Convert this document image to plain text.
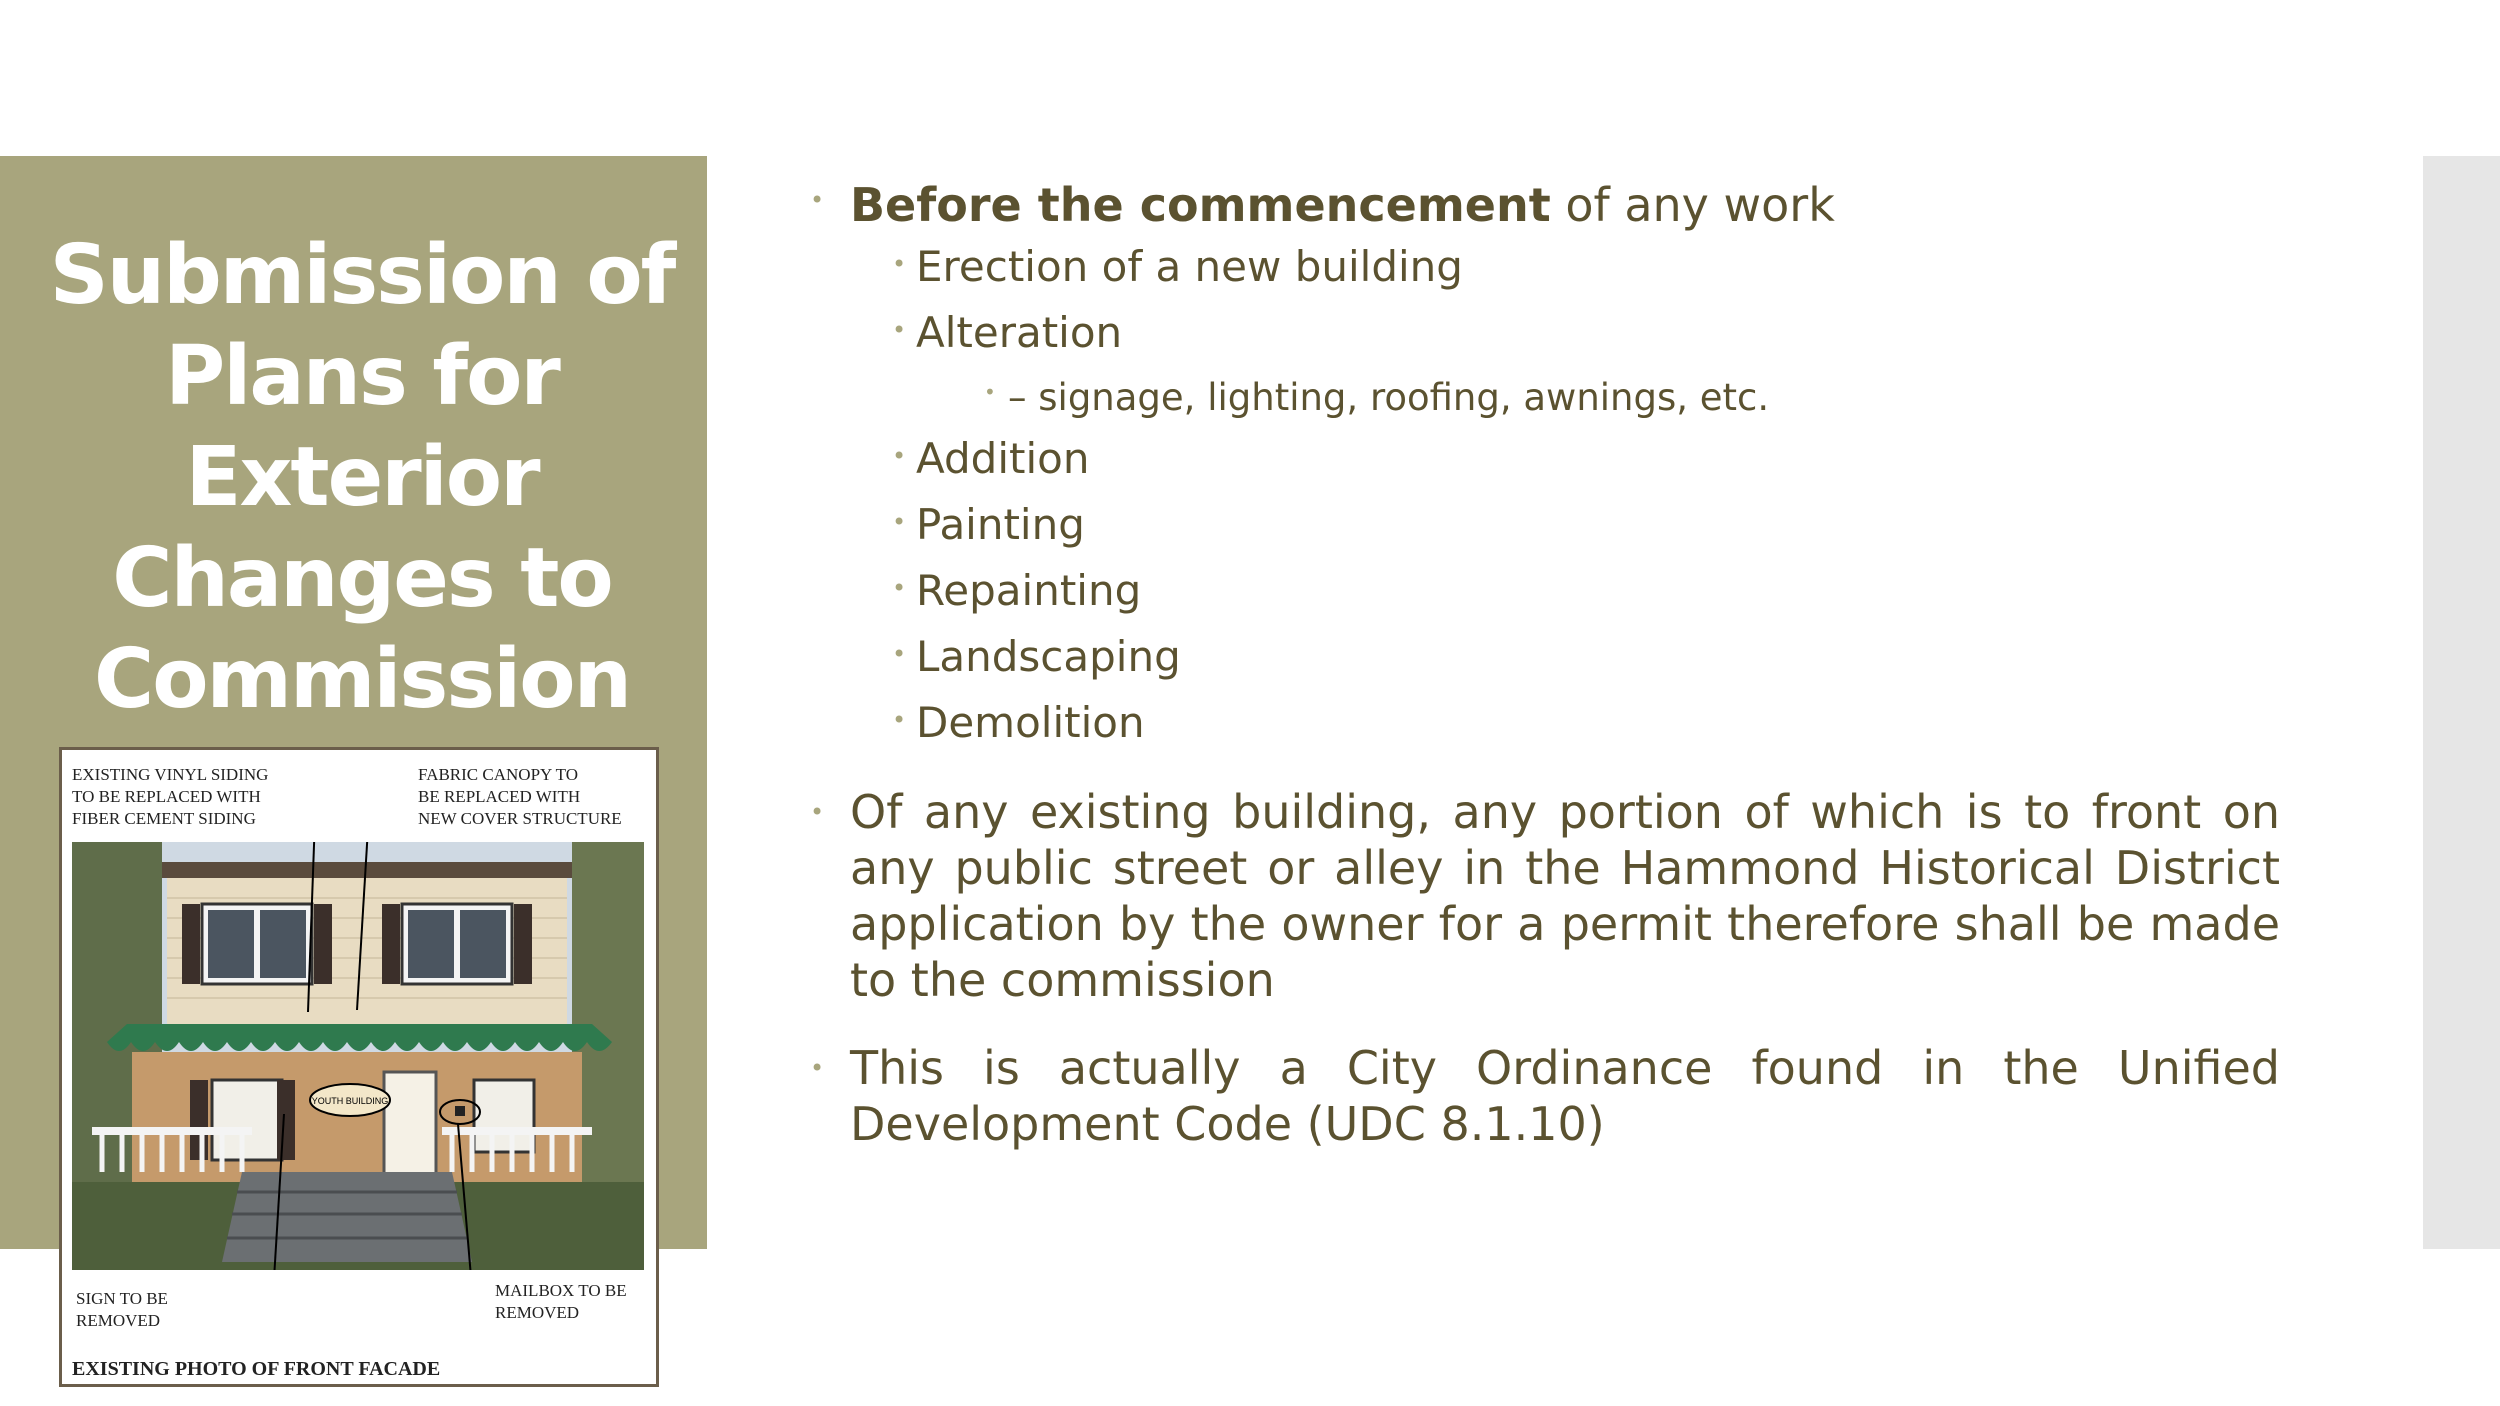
Submission of
Plans for
Exterior
Changes to
Commission
EXISTING VINYL SIDING
TO BE REPLACED WITH
FIBER CEMENT SIDING
FABRIC CANOPY TO
BE REPLACED WITH
NEW COVER STRUCTURE
YOUTH BUILDING
SIGN TO BE
REMOVED
MAILBOX TO BE
REMOVED
EXISTING PHOTO OF FRONT FACADE
• Before the commencement of any work
• Erection of a new building
• Alteration
• – signage, lighting, roofing, awnings, etc.
• Addition
• Painting
• Repainting
• Landscaping
• Demolition
• Of any existing building, any portion of which is to front on any public street or alley in the Hammond Historical District application by the owner for a permit therefore shall be made to the commission
• This is actually a City Ordinance found in the Unified Development Code (UDC 8.1.10)
